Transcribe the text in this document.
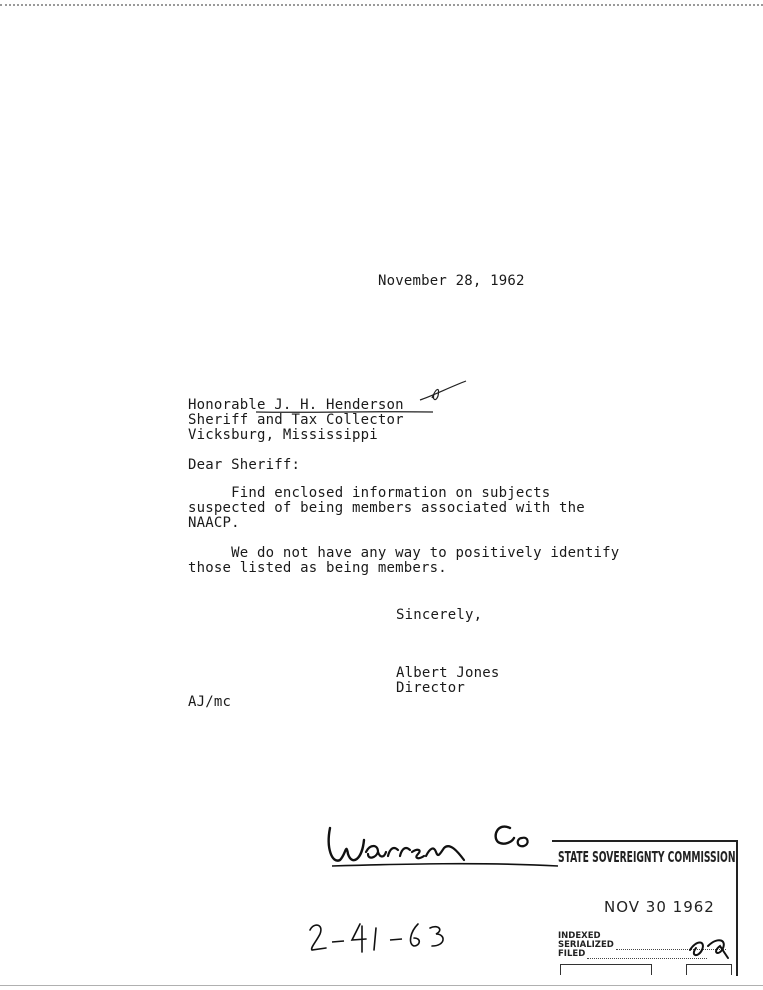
November 28, 1962
Honorable J. H. Henderson
Sheriff and Tax Collector
Vicksburg, Mississippi
Dear Sheriff:
Find enclosed information on subjects
suspected of being members associated with the
NAACP.
We do not have any way to positively identify
those listed as being members.
Sincerely,
Albert Jones
Director
AJ/mc
Warren Co
2-41-63
STATE SOVEREIGNTY COMMISSION
NOV 30 1962
INDEXED
SERIALIZED
FILED
